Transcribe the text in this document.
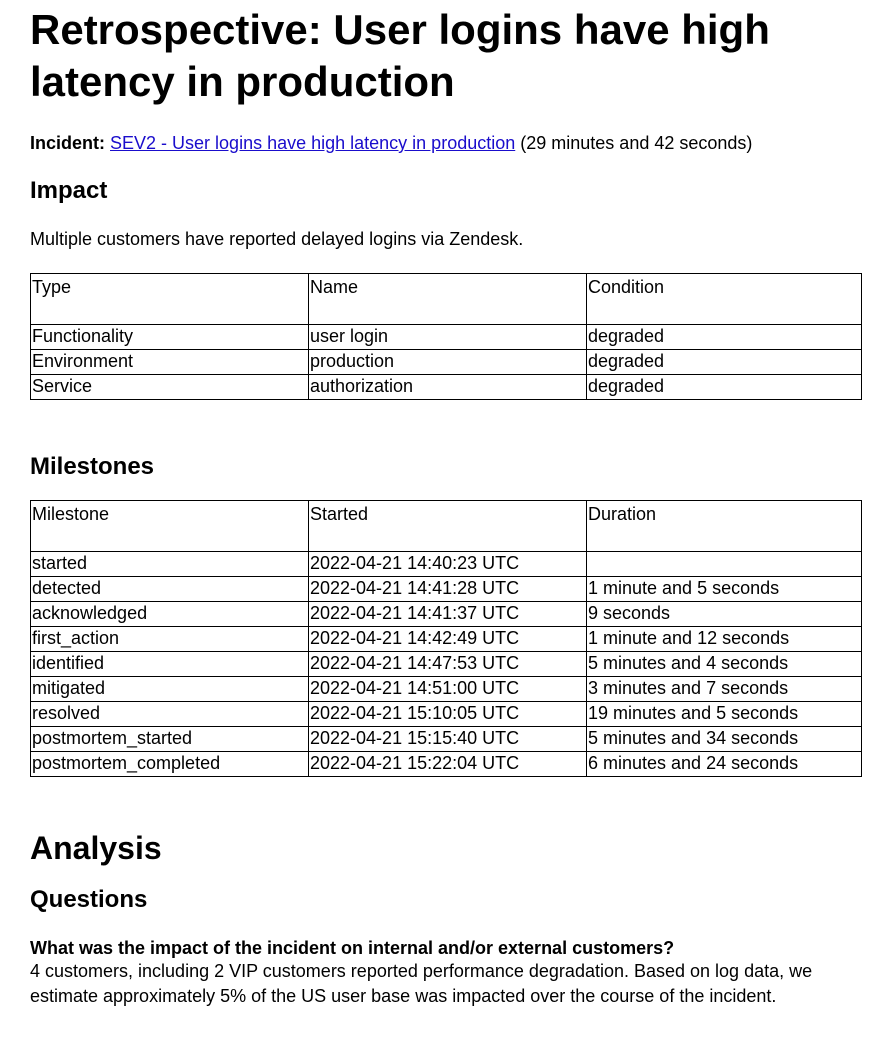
Retrospective: User logins have high latency in production
Incident: SEV2 - User logins have high latency in production (29 minutes and 42 seconds)
Impact

Multiple customers have reported delayed logins via Zendesk.

Type	Name	Condition
Functionality	user login	degraded
Environment	production	degraded
Service	authorization	degraded
Milestones
Milestone	Started	Duration
started	2022-04-21 14:40:23 UTC	
detected	2022-04-21 14:41:28 UTC	1 minute and 5 seconds
acknowledged	2022-04-21 14:41:37 UTC	9 seconds
first_action	2022-04-21 14:42:49 UTC	1 minute and 12 seconds
identified	2022-04-21 14:47:53 UTC	5 minutes and 4 seconds
mitigated	2022-04-21 14:51:00 UTC	3 minutes and 7 seconds
resolved	2022-04-21 15:10:05 UTC	19 minutes and 5 seconds
postmortem_started	2022-04-21 15:15:40 UTC	5 minutes and 34 seconds
postmortem_completed	2022-04-21 15:22:04 UTC	6 minutes and 24 seconds
Analysis
Questions
What was the impact of the incident on internal and/or external customers?
4 customers, including 2 VIP customers reported performance degradation. Based on log data, we estimate approximately 5% of the US user base was impacted over the course of the incident.
